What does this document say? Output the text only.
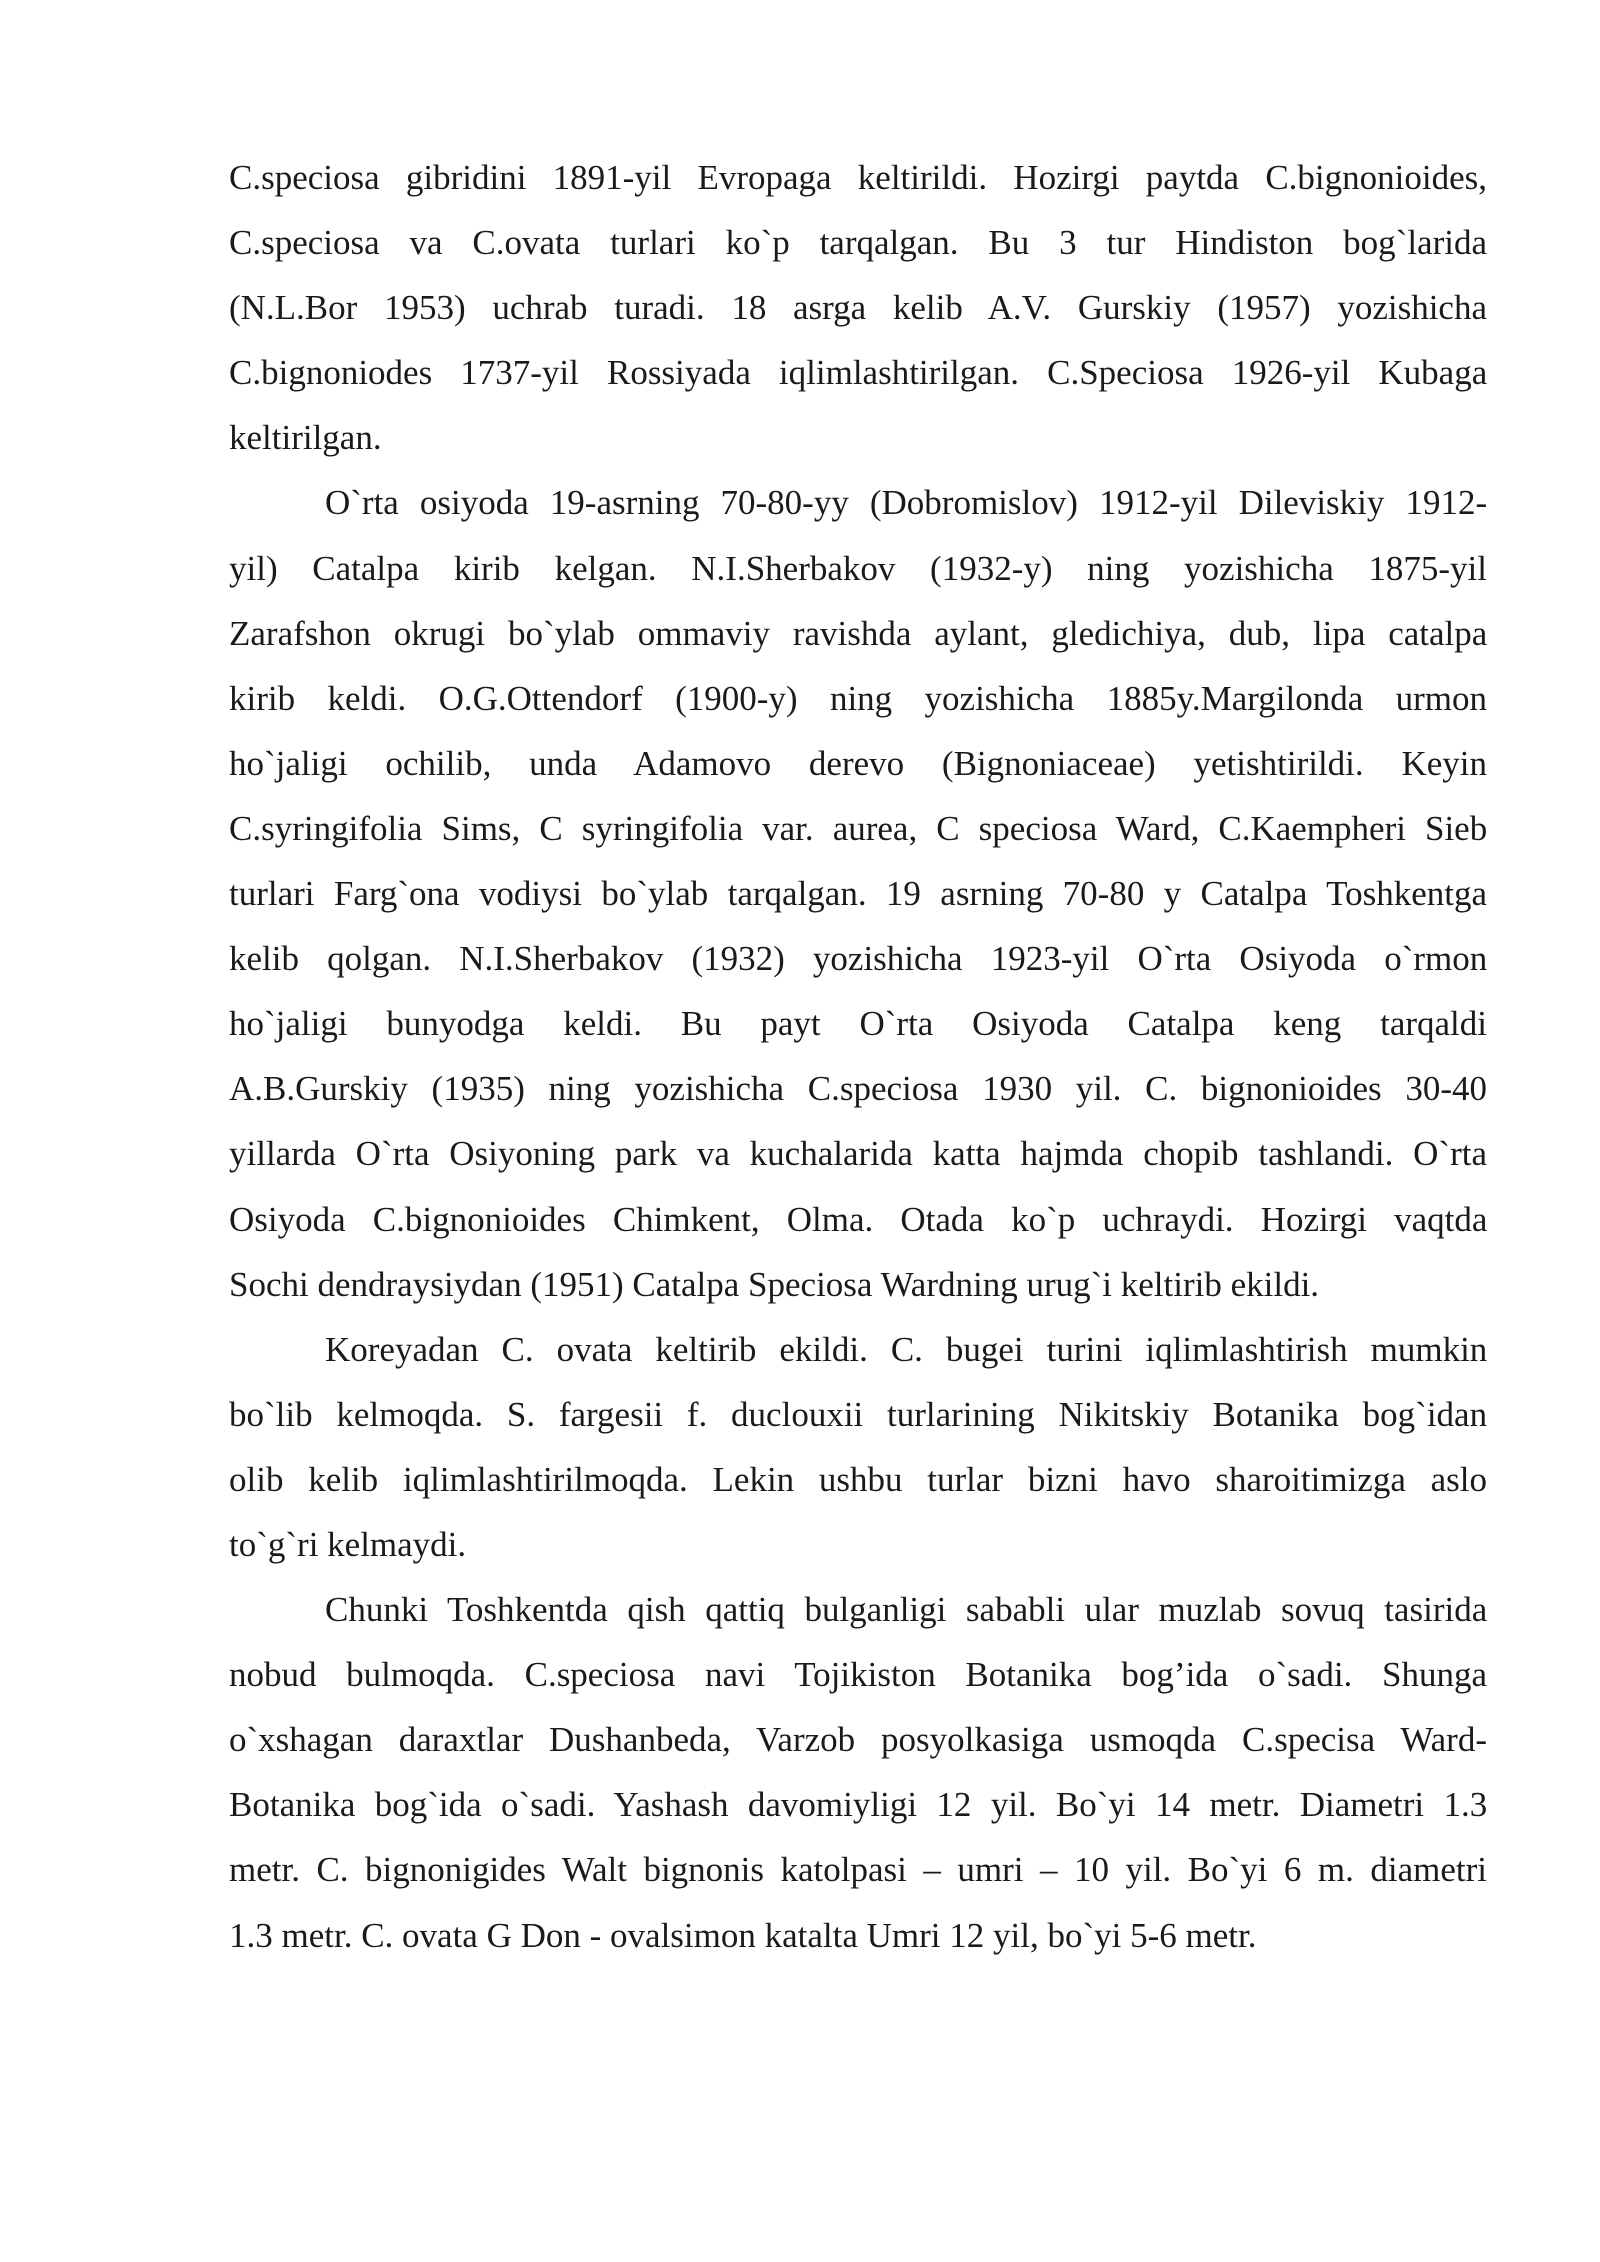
C.speciosa gibridini 1891-yil Evropaga keltirildi. Hozirgi paytda C.bignonioides,
C.speciosa va C.ovata turlari ko`p tarqalgan. Bu 3 tur Hindiston bog`larida
(N.L.Bor 1953) uchrab turadi. 18 asrga kelib A.V. Gurskiy (1957) yozishicha
C.bignoniodes 1737-yil Rossiyada iqlimlashtirilgan. C.Speciosa 1926-yil Kubaga
keltirilgan.
O`rta osiyoda 19-asrning 70-80-yy (Dobromislov) 1912-yil Dileviskiy 1912-
yil) Catalpa kirib kelgan. N.I.Sherbakov (1932-y) ning yozishicha 1875-yil
Zarafshon okrugi bo`ylab ommaviy ravishda aylant, gledichiya, dub, lipa catalpa
kirib keldi. O.G.Ottendorf (1900-y) ning yozishicha 1885y.Margilonda urmon
ho`jaligi ochilib, unda Adamovo derevo (Bignoniaceae) yetishtirildi. Keyin
C.syringifolia Sims, C syringifolia var. aurea, C speciosa Ward, C.Kaempheri Sieb
turlari Farg`ona vodiysi bo`ylab tarqalgan. 19 asrning 70-80 y Catalpa Toshkentga
kelib qolgan. N.I.Sherbakov (1932) yozishicha 1923-yil O`rta Osiyoda o`rmon
ho`jaligi bunyodga keldi. Bu payt O`rta Osiyoda Catalpa keng tarqaldi
A.B.Gurskiy (1935) ning yozishicha C.speciosa 1930 yil. C. bignonioides 30-40
yillarda O`rta Osiyoning park va kuchalarida katta hajmda chopib tashlandi. O`rta
Osiyoda C.bignonioides Chimkent, Olma. Otada ko`p uchraydi. Hozirgi vaqtda
Sochi dendraysiydan (1951) Catalpa Speciosa Wardning urug`i keltirib ekildi.
Koreyadan C. ovata keltirib ekildi. C. bugei turini iqlimlashtirish mumkin
bo`lib kelmoqda. S. fargesii f. duclouxii turlarining Nikitskiy Botanika bog`idan
olib kelib iqlimlashtirilmoqda. Lekin ushbu turlar bizni havo sharoitimizga aslo
to`g`ri kelmaydi.
Chunki Toshkentda qish qattiq bulganligi sababli ular muzlab sovuq tasirida
nobud bulmoqda. C.speciosa navi Tojikiston Botanika bog’ida o`sadi. Shunga
o`xshagan daraxtlar Dushanbeda, Varzob posyolkasiga usmoqda C.specisa Ward-
Botanika bog`ida o`sadi. Yashash davomiyligi 12 yil. Bo`yi 14 metr. Diametri 1.3
metr. C. bignonigides Walt bignonis katolpasi – umri – 10 yil. Bo`yi 6 m. diametri
1.3 metr. C. ovata G Don - ovalsimon katalta Umri 12 yil, bo`yi 5-6 metr.
